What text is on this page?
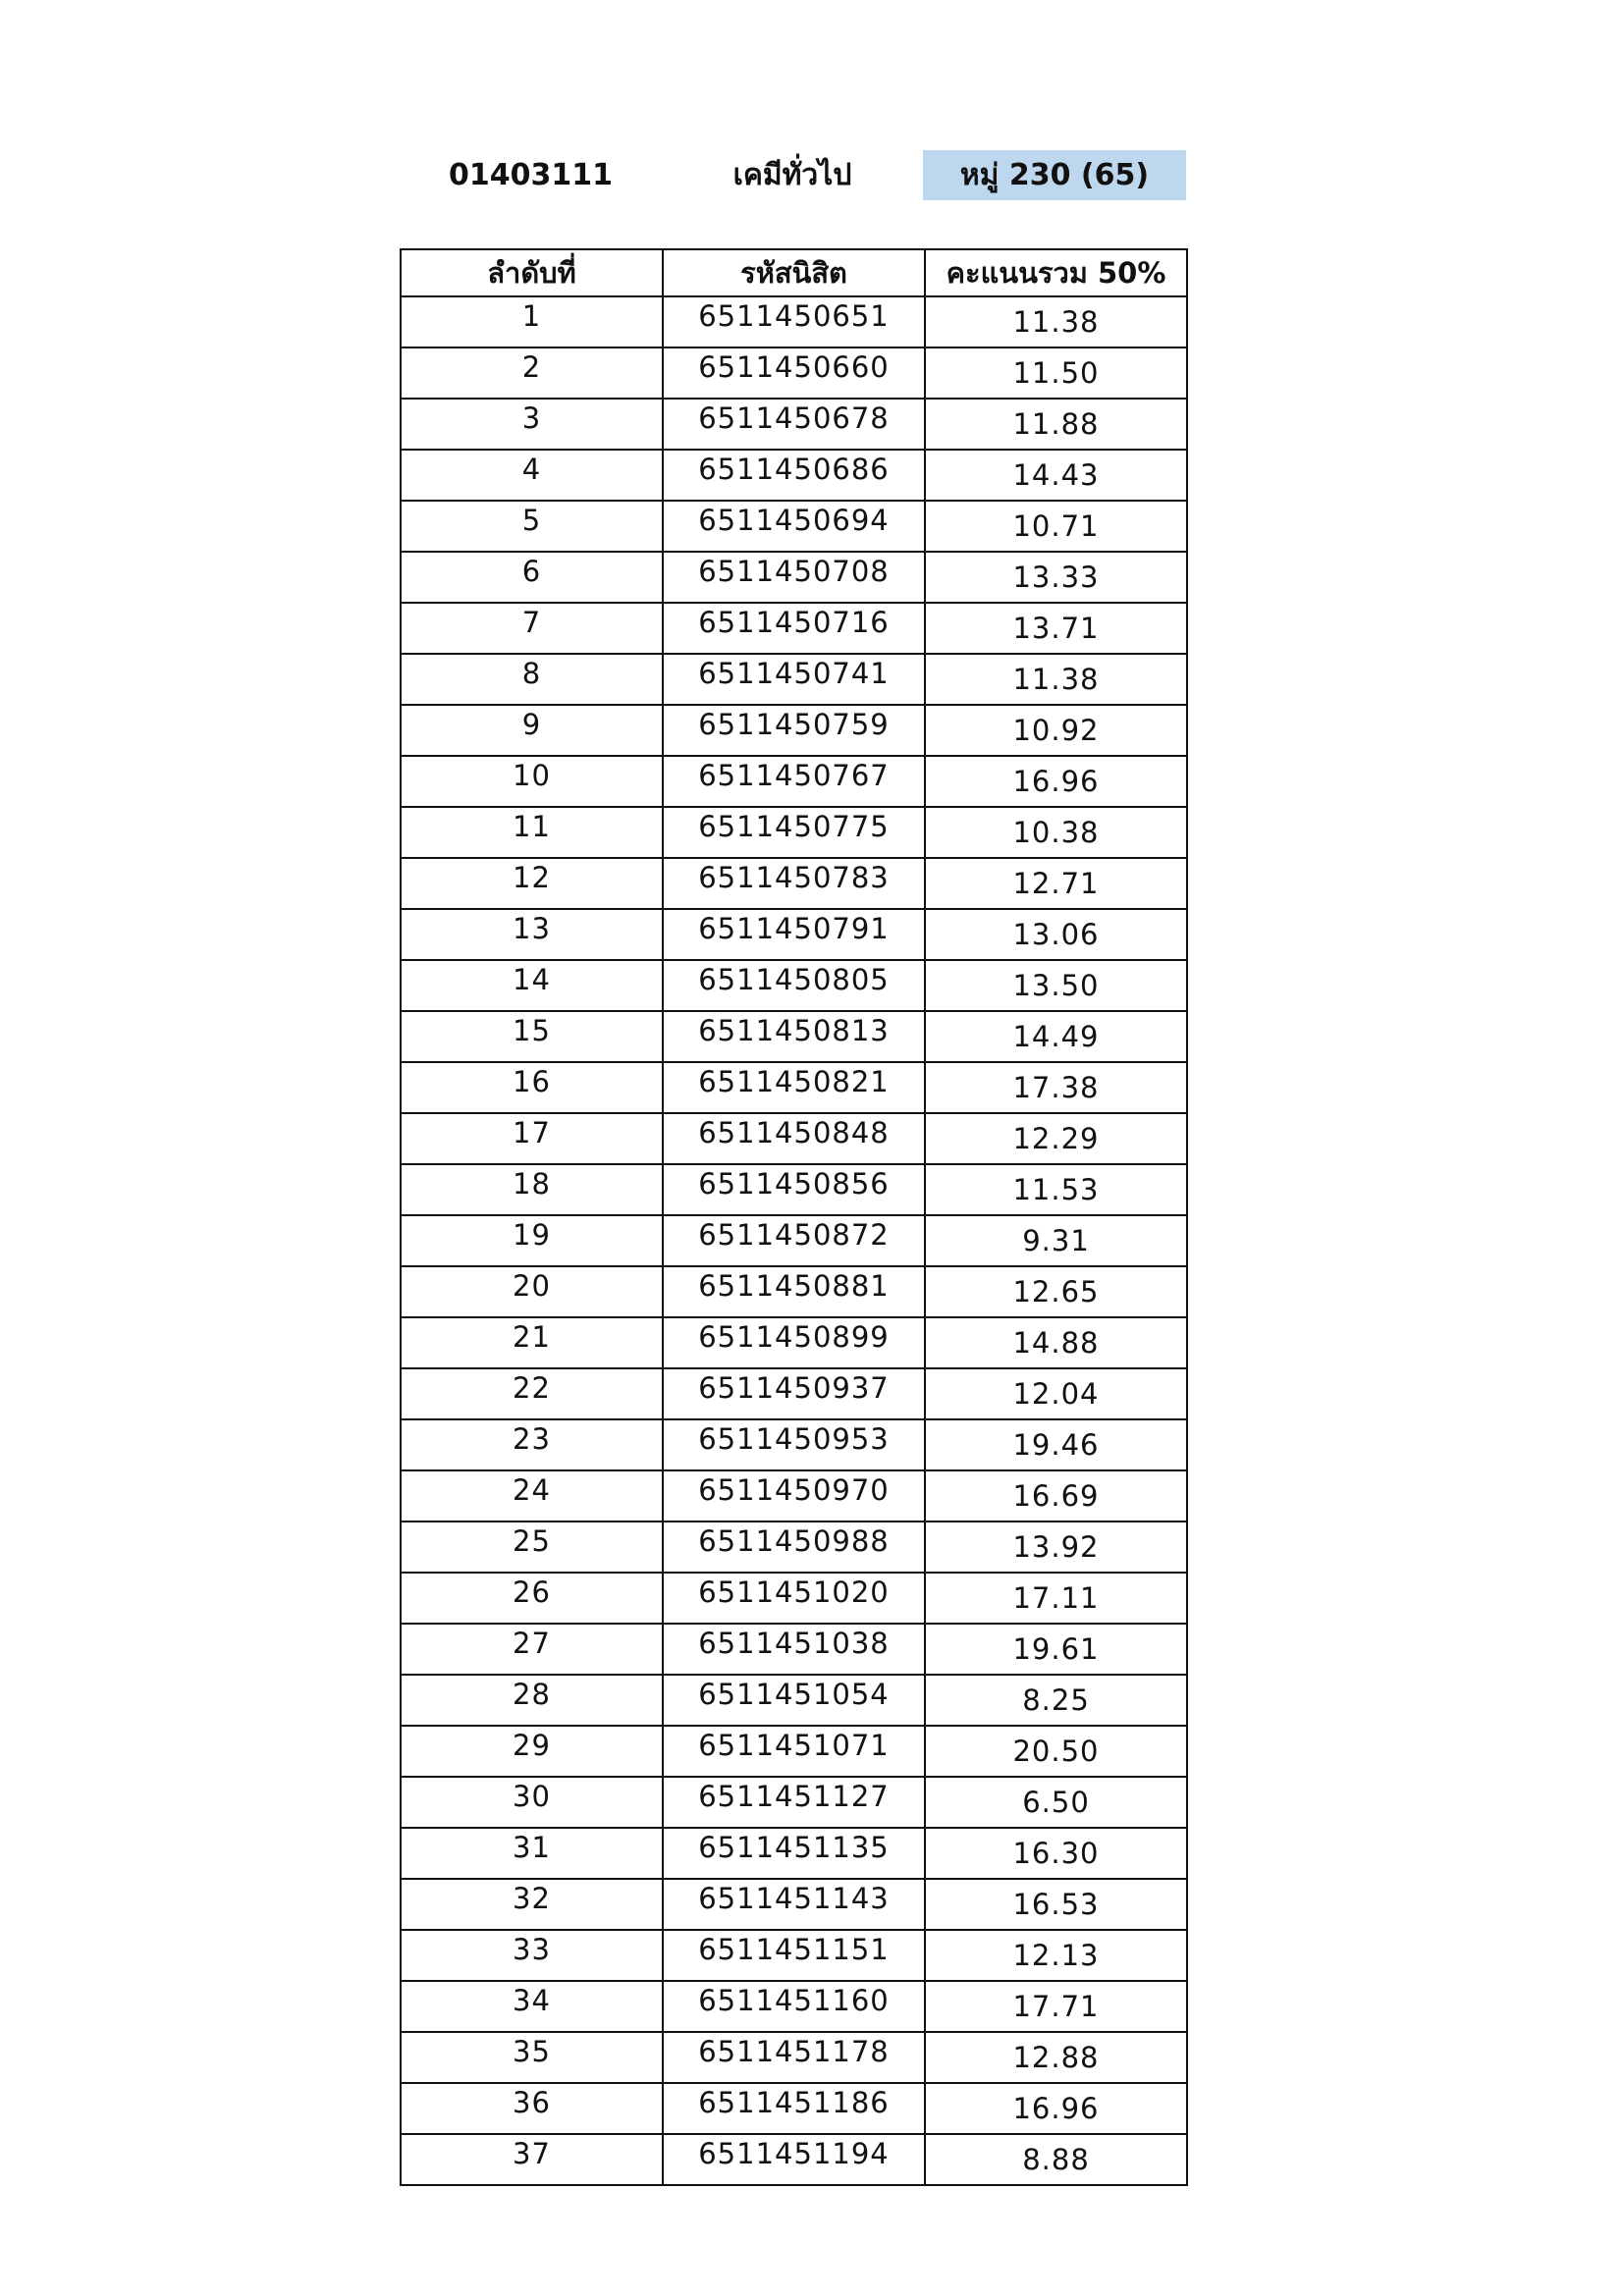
01403111	เคมีทั่วไป	หมู่ 230 (65)
ลำดับที่	รหัสนิสิต	คะแนนรวม 50%
1	6511450651	11.38
2	6511450660	11.50
3	6511450678	11.88
4	6511450686	14.43
5	6511450694	10.71
6	6511450708	13.33
7	6511450716	13.71
8	6511450741	11.38
9	6511450759	10.92
10	6511450767	16.96
11	6511450775	10.38
12	6511450783	12.71
13	6511450791	13.06
14	6511450805	13.50
15	6511450813	14.49
16	6511450821	17.38
17	6511450848	12.29
18	6511450856	11.53
19	6511450872	9.31
20	6511450881	12.65
21	6511450899	14.88
22	6511450937	12.04
23	6511450953	19.46
24	6511450970	16.69
25	6511450988	13.92
26	6511451020	17.11
27	6511451038	19.61
28	6511451054	8.25
29	6511451071	20.50
30	6511451127	6.50
31	6511451135	16.30
32	6511451143	16.53
33	6511451151	12.13
34	6511451160	17.71
35	6511451178	12.88
36	6511451186	16.96
37	6511451194	8.88
